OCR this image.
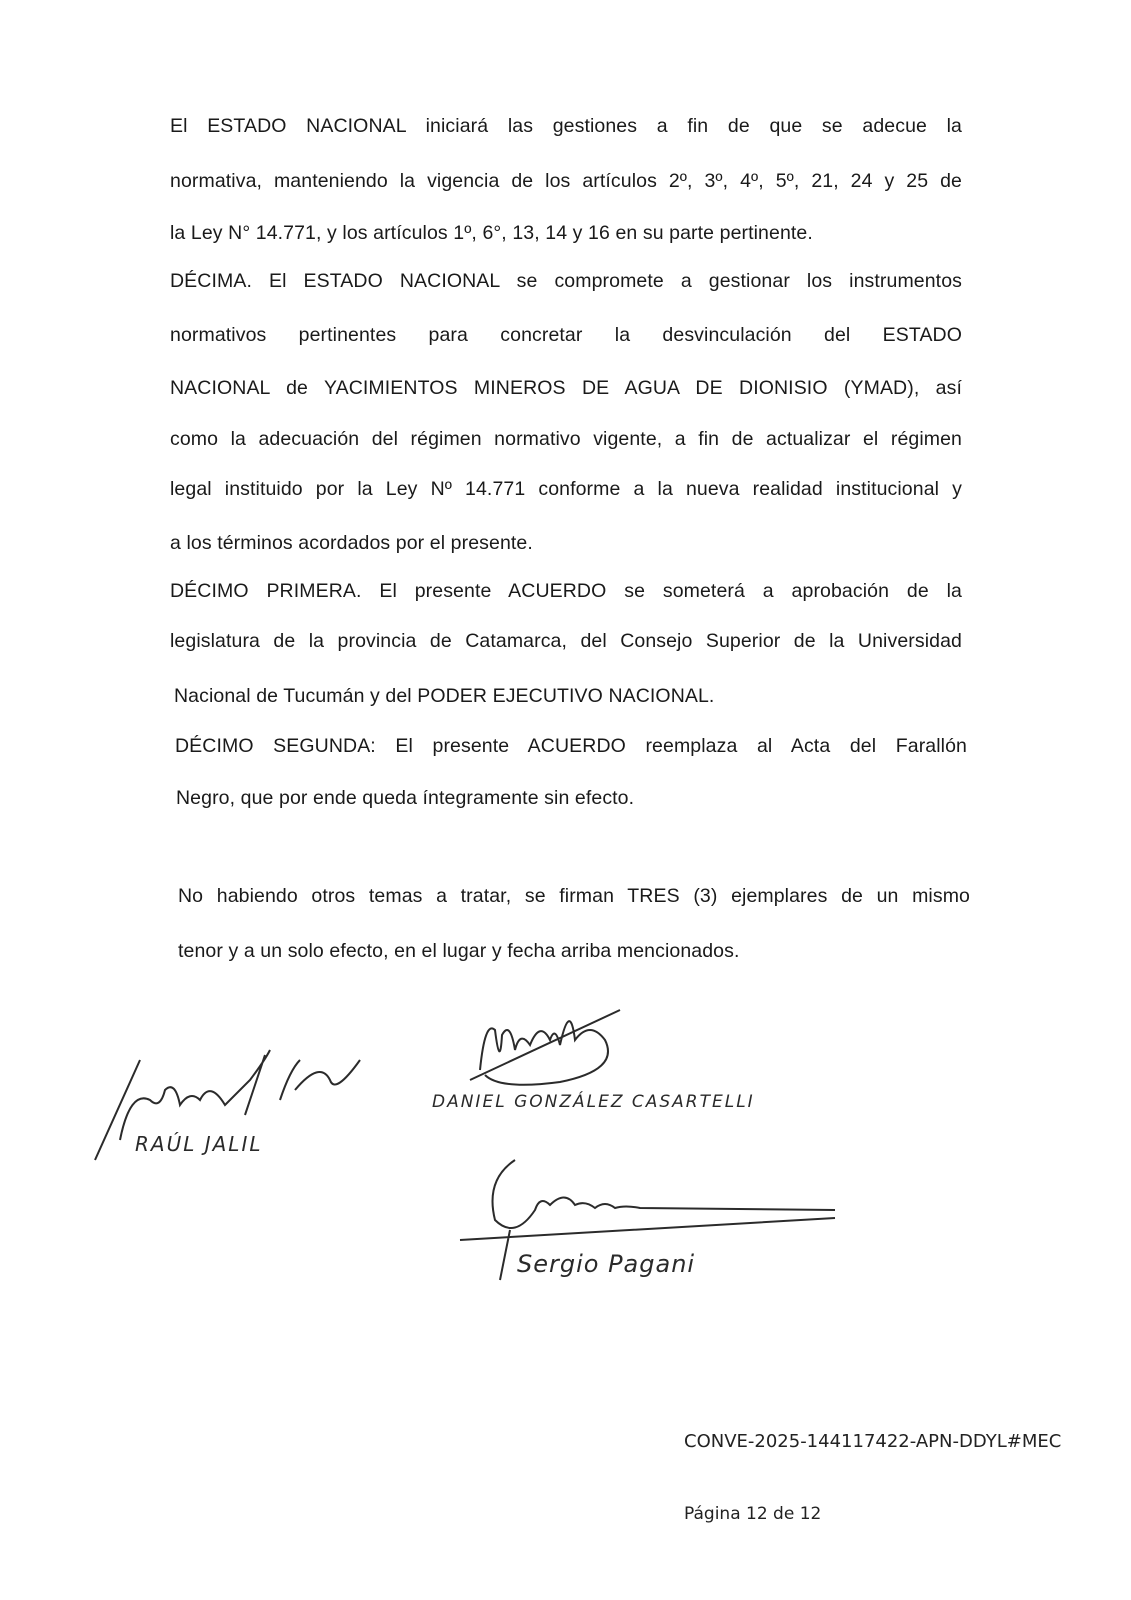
El ESTADO NACIONAL iniciará las gestiones a fin de que se adecue la
normativa, manteniendo la vigencia de los artículos 2º, 3º, 4º, 5º, 21, 24 y 25 de
la Ley N° 14.771, y los artículos 1º, 6°, 13, 14 y 16 en su parte pertinente.
DÉCIMA. El ESTADO NACIONAL se compromete a gestionar los instrumentos
normativos pertinentes para concretar la desvinculación del ESTADO
NACIONAL de YACIMIENTOS MINEROS DE AGUA DE DIONISIO (YMAD), así
como la adecuación del régimen normativo vigente, a fin de actualizar el régimen
legal instituido por la Ley Nº 14.771 conforme a la nueva realidad institucional y
a los términos acordados por el presente.
DÉCIMO PRIMERA. El presente ACUERDO se someterá a aprobación de la
legislatura de la provincia de Catamarca, del Consejo Superior de la Universidad
Nacional de Tucumán y del PODER EJECUTIVO NACIONAL.
DÉCIMO SEGUNDA: El presente ACUERDO reemplaza al Acta del Farallón
Negro, que por ende queda íntegramente sin efecto.
No habiendo otros temas a tratar, se firman TRES (3) ejemplares de un mismo
tenor y a un solo efecto, en el lugar y fecha arriba mencionados.
RAÚL JALIL
DANIEL GONZÁLEZ CASARTELLI
Sergio Pagani
CONVE-2025-144117422-APN-DDYL#MEC
Página 12 de 12
